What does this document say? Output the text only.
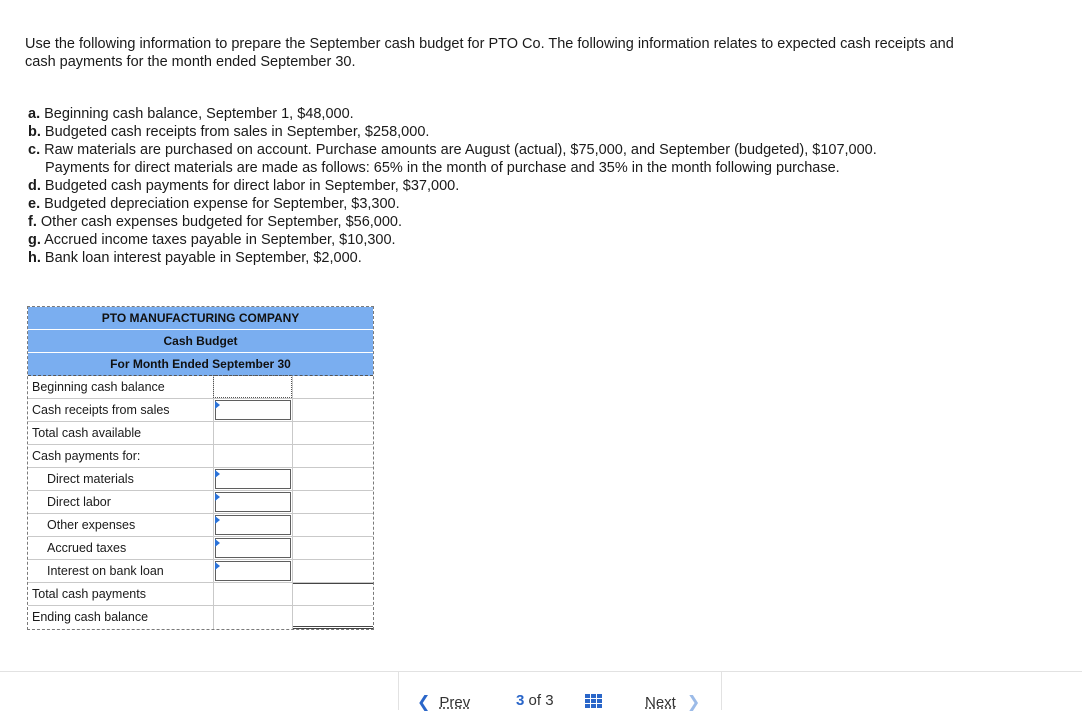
Use the following information to prepare the September cash budget for PTO Co. The following information relates to expected cash receipts and cash payments for the month ended September 30.

a. Beginning cash balance, September 1, $48,000.
b. Budgeted cash receipts from sales in September, $258,000.
c. Raw materials are purchased on account. Purchase amounts are August (actual), $75,000, and September (budgeted), $107,000.
Payments for direct materials are made as follows: 65% in the month of purchase and 35% in the month following purchase.
d. Budgeted cash payments for direct labor in September, $37,000.
e. Budgeted depreciation expense for September, $3,300.
f. Other cash expenses budgeted for September, $56,000.
g. Accrued income taxes payable in September, $10,300.
h. Bank loan interest payable in September, $2,000.
PTO MANUFACTURING COMPANY
Cash Budget
For Month Ended September 30
Beginning cash balance
Cash receipts from sales
Total cash available
Cash payments for:
Direct materials
Direct labor
Other expenses
Accrued taxes
Interest on bank loan
Total cash payments
Ending cash balance
❮ Prev	3 of 3	Next ❯
